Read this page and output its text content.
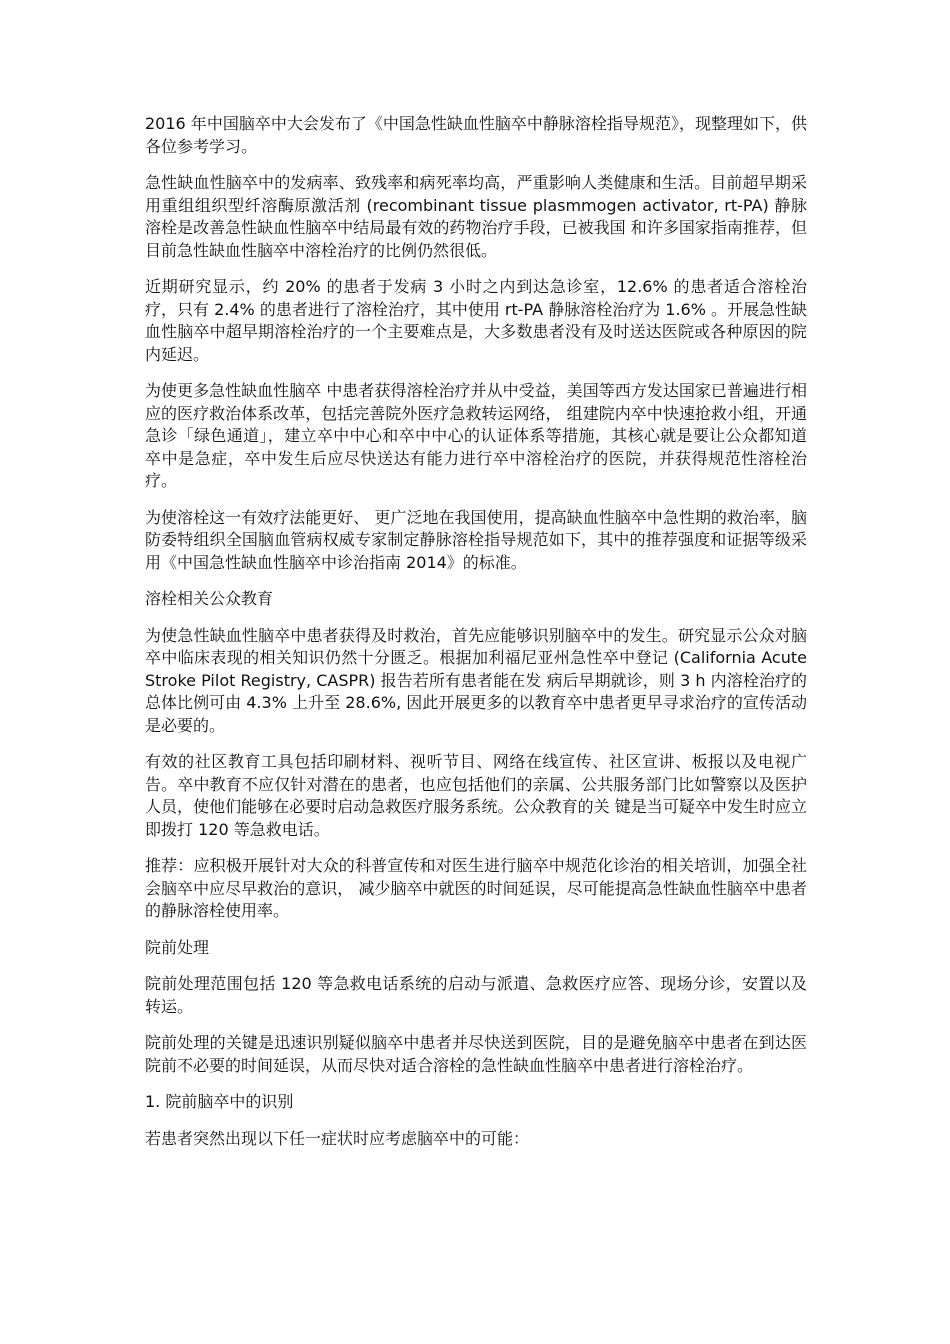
2016 年中国脑卒中大会发布了《中国急性缺血性脑卒中静脉溶栓指导规范》，现整理如下，供各位参考学习。

急性缺血性脑卒中的发病率、致残率和病死率均高，严重影响人类健康和生活。目前超早期采用重组组织型纤溶酶原激活剂 (recombinant tissue plasmmogen activator, rt-PA) 静脉溶栓是改善急性缺血性脑卒中结局最有效的药物治疗手段，已被我国 和许多国家指南推荐，但目前急性缺血性脑卒中溶栓治疗的比例仍然很低。

近期研究显示，约 20% 的患者于发病 3 小时之内到达急诊室，12.6% 的患者适合溶栓治疗，只有 2.4% 的患者进行了溶栓治疗，其中使用 rt-PA 静脉溶栓治疗为 1.6% 。开展急性缺血性脑卒中超早期溶栓治疗的一个主要难点是，大多数患者没有及时送达医院或各种原因的院内延迟。

为使更多急性缺血性脑卒 中患者获得溶栓治疗并从中受益，美国等西方发达国家已普遍进行相应的医疗救治体系改革，包括完善院外医疗急救转运网络， 组建院内卒中快速抢救小组，开通急诊「绿色通道」，建立卒中中心和卒中中心的认证体系等措施，其核心就是要让公众都知道卒中是急症，卒中发生后应尽快送达有能力进行卒中溶栓治疗的医院，并获得规范性溶栓治疗。

为使溶栓这一有效疗法能更好、 更广泛地在我国使用，提高缺血性脑卒中急性期的救治率，脑防委特组织全国脑血管病权威专家制定静脉溶栓指导规范如下，其中的推荐强度和证据等级采用《中国急性缺血性脑卒中诊治指南 2014》的标准。

溶栓相关公众教育

为使急性缺血性脑卒中患者获得及时救治，首先应能够识别脑卒中的发生。研究显示公众对脑卒中临床表现的相关知识仍然十分匮乏。根据加利福尼亚州急性卒中登记 (California Acute Stroke Pilot Registry, CASPR) 报告若所有患者能在发 病后早期就诊，则 3 h 内溶栓治疗的总体比例可由 4.3% 上升至 28.6%, 因此开展更多的以教育卒中患者更早寻求治疗的宣传活动是必要的。

有效的社区教育工具包括印刷材料、视听节目、网络在线宣传、社区宣讲、板报以及电视广告。卒中教育不应仅针对潜在的患者，也应包括他们的亲属、公共服务部门比如警察以及医护人员，使他们能够在必要时启动急救医疗服务系统。公众教育的关 键是当可疑卒中发生时应立即拨打 120 等急救电话。

推荐：应积极开展针对大众的科普宣传和对医生进行脑卒中规范化诊治的相关培训，加强全社会脑卒中应尽早救治的意识， 减少脑卒中就医的时间延误，尽可能提高急性缺血性脑卒中患者的静脉溶栓使用率。

院前处理

院前处理范围包括 120 等急救电话系统的启动与派遣、急救医疗应答、现场分诊，安置以及转运。

院前处理的关键是迅速识别疑似脑卒中患者并尽快送到医院，目的是避免脑卒中患者在到达医院前不必要的时间延误，从而尽快对适合溶栓的急性缺血性脑卒中患者进行溶栓治疗。

1. 院前脑卒中的识别

若患者突然出现以下任一症状时应考虑脑卒中的可能：
